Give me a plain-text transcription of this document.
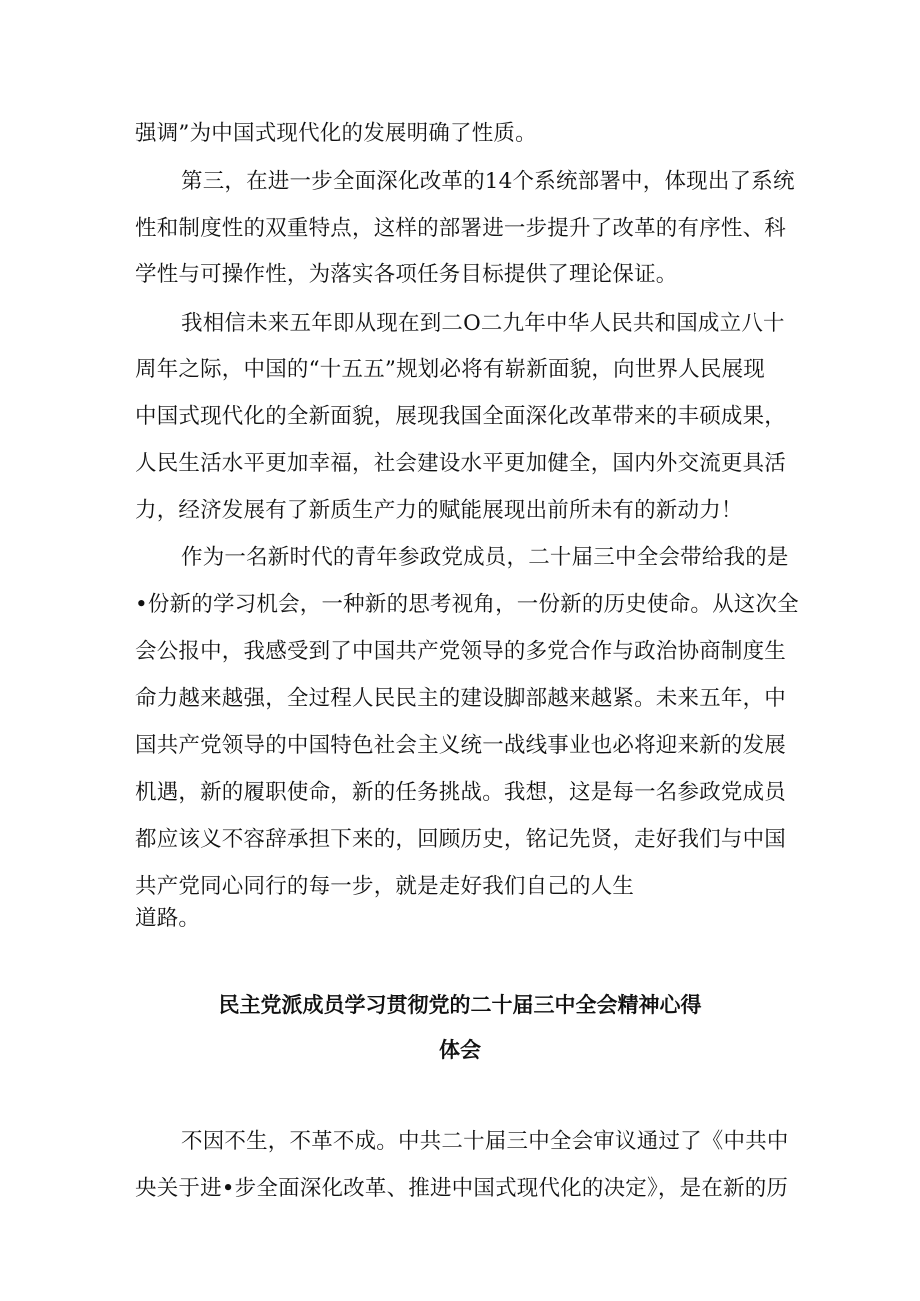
强调”为中国式现代化的发展明确了性质。
第三，在进一步全面深化改革的14个系统部署中，体现出了系统
性和制度性的双重特点，这样的部署进一步提升了改革的有序性、科
学性与可操作性，为落实各项任务目标提供了理论保证。
我相信未来五年即从现在到二O二九年中华人民共和国成立八十
周年之际，中国的“十五五”规划必将有崭新面貌，向世界人民展现
中国式现代化的全新面貌，展现我国全面深化改革带来的丰硕成果，
人民生活水平更加幸福，社会建设水平更加健全，国内外交流更具活
力，经济发展有了新质生产力的赋能展现出前所未有的新动力！
作为一名新时代的青年参政党成员，二十届三中全会带给我的是
•份新的学习机会，一种新的思考视角，一份新的历史使命。从这次全
会公报中，我感受到了中国共产党领导的多党合作与政治协商制度生
命力越来越强，全过程人民民主的建设脚部越来越紧。未来五年，中
国共产党领导的中国特色社会主义统一战线事业也必将迎来新的发展
机遇，新的履职使命，新的任务挑战。我想，这是每一名参政党成员
都应该义不容辞承担下来的，回顾历史，铭记先贤，走好我们与中国
共产党同心同行的每一步，就是走好我们自己的人生
道路。
民主党派成员学习贯彻党的二十届三中全会精神心得
体会
不因不生，不革不成。中共二十届三中全会审议通过了《中共中
央关于进•步全面深化改革、推进中国式现代化的决定》，是在新的历
